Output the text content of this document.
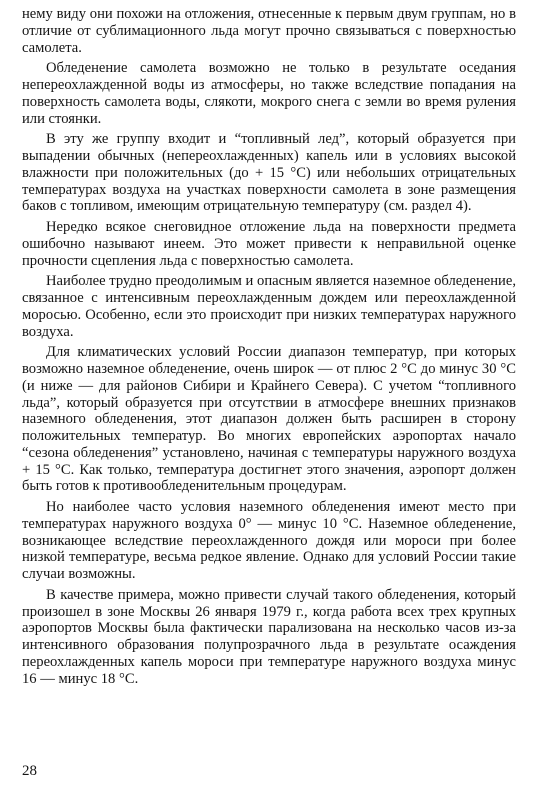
нему виду они похожи на отложения, отнесенные к первым двум группам, но в отличие от сублимационного льда могут прочно связываться с поверхностью самолета.

Обледенение самолета возможно не только в результате оседания непереохлажденной воды из атмосферы, но также вследствие попадания на поверхность самолета воды, слякоти, мокрого снега с земли во время руления или стоянки.

В эту же группу входит и “топливный лед”, который образуется при выпадении обычных (непереохлажденных) капель или в условиях высокой влажности при положительных (до + 15 °С) или небольших отрицательных температурах воздуха на участках поверхности самолета в зоне размещения баков с топливом, имеющим отрицательную температуру (см. раздел 4).

Нередко всякое снеговидное отложение льда на поверхности предмета ошибочно называют инеем. Это может привести к неправильной оценке прочности сцепления льда с поверхностью самолета.

Наиболее трудно преодолимым и опасным является наземное обледенение, связанное с интенсивным переохлажденным дождем или переохлажденной моросью. Особенно, если это происходит при низких температурах наружного воздуха.

Для климатических условий России диапазон температур, при которых возможно наземное обледенение, очень широк — от плюс 2 °С до минус 30 °С (и ниже — для районов Сибири и Крайнего Севера). С учетом “топливного льда”, который образуется при отсутствии в атмосфере внешних признаков наземного обледенения, этот диапазон должен быть расширен в сторону положительных температур. Во многих европейских аэропортах начало “сезона обледенения” установлено, начиная с температуры наружного воздуха + 15 °С. Как только, температура достигнет этого значения, аэропорт должен быть готов к противообледенительным процедурам.

Но наиболее часто условия наземного обледенения имеют место при температурах наружного воздуха 0° — минус 10 °С. Наземное обледенение, возникающее вследствие переохлажденного дождя или мороси при более низкой температуре, весьма редкое явление. Однако для условий России такие случаи возможны.

В качестве примера, можно привести случай такого обледенения, который произошел в зоне Москвы 26 января 1979 г., когда работа всех трех крупных аэропортов Москвы была фактически парализована на несколько часов из-за интенсивного образования полупрозрачного льда в результате осаждения переохлажденных капель мороси при температуре наружного воздуха минус 16 — минус 18 °С.

28
